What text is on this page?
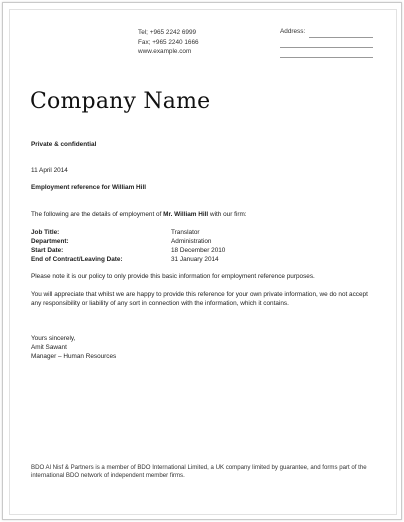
Tel; +965 2242 6999
Fax; +965 2240 1666
www.example.com
Address:
Company Name
Private & confidential
11 April 2014
Employment reference for William Hill
The following are the details of employment of Mr. William Hill with our firm:
Job Title:	Translator
Department:	Administration
Start Date:	18 December 2010
End of Contract/Leaving Date:	31 January 2014
Please note it is our policy to only provide this basic information for employment reference purposes.
You will appreciate that whilst we are happy to provide this reference for your own private information, we do not accept any responsibility or liability of any sort in connection with the information, which it contains.
Yours sincerely,
Amit Sawant
Manager – Human Resources
BDO Al Nisf & Partners is a member of BDO International Limited, a UK company limited by guarantee, and forms part of the international BDO network of independent member firms.
